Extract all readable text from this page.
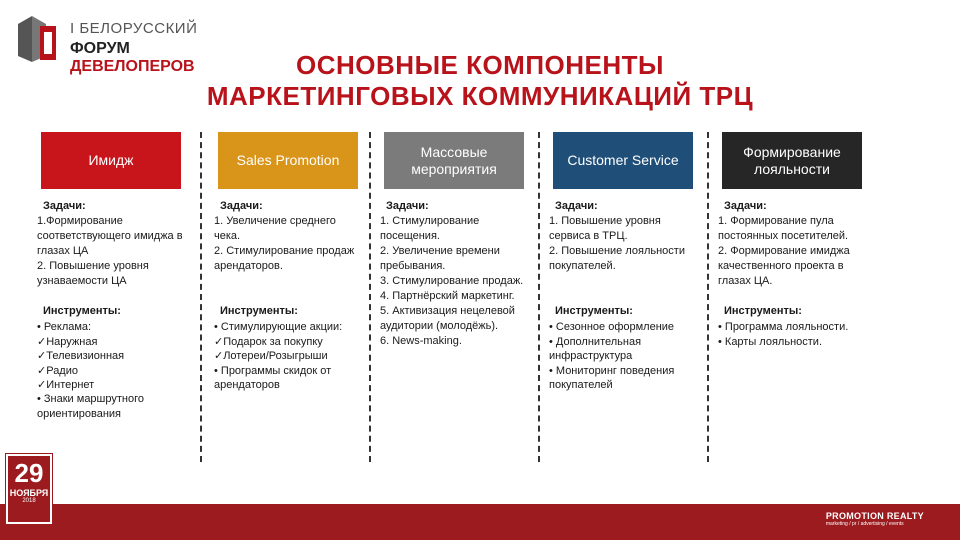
I БЕЛОРУССКИЙ
ФОРУМ ДЕВЕЛОПЕРОВ	ОСНОВНЫЕ КОМПОНЕНТЫ
МАРКЕТИНГОВЫХ КОММУНИКАЦИЙ ТРЦ
Имидж
Задачи:
1.Формирование соответствующего имиджа в глазах ЦА
2. Повышение уровня узнаваемости ЦА
Инструменты:
• Реклама:
✓Наружная
✓Телевизионная
✓Радио
✓Интернет
• Знаки маршрутного ориентирования
Sales Promotion
Задачи:
1. Увеличение среднего чека.
2. Стимулирование продаж арендаторов.
Инструменты:
• Стимулирующие акции:
✓Подарок за покупку
✓Лотереи/Розыгрыши
• Программы скидок от арендаторов
Массовые мероприятия
Задачи:
1. Стимулирование посещения.
2. Увеличение времени пребывания.
3. Стимулирование продаж.
4. Партнёрский маркетинг.
5. Активизация нецелевой аудитории (молодёжь).
6. News-making.
Customer Service
Задачи:
1. Повышение уровня сервиса в ТРЦ.
2. Повышение лояльности покупателей.
Инструменты:
• Сезонное оформление
• Дополнительная инфраструктура
• Мониторинг поведения покупателей
Формирование лояльности
Задачи:
1. Формирование пула постоянных посетителей.
2. Формирование имиджа качественного проекта в глазах ЦА.
Инструменты:
• Программа лояльности.
• Карты лояльности.
29
НОЯБРЯ
2018
PROMOTION REALTY
marketing / pr / advertising / events
